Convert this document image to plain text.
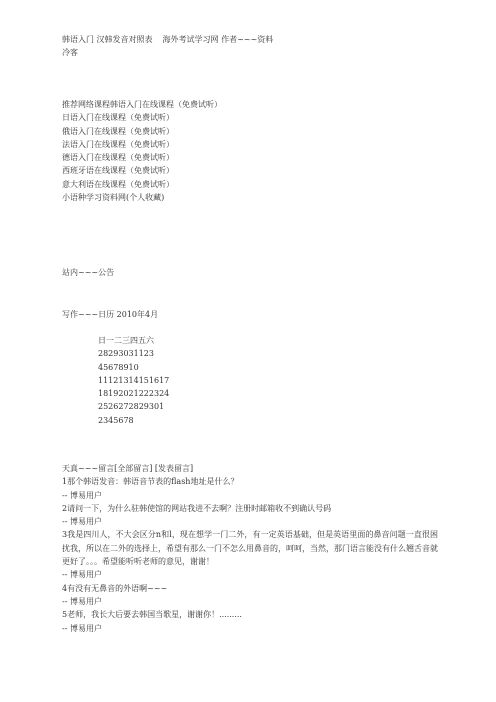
韩语入门 汉韩发音对照表 海外考试学习网 作者~~~资料
冷客
推荐网络课程韩语入门在线课程（免费试听）
日语入门在线课程（免费试听）
俄语入门在线课程（免费试听）
法语入门在线课程（免费试听）
德语入门在线课程（免费试听）
西班牙语在线课程（免费试听）
意大利语在线课程（免费试听）
小语种学习资料网(个人收藏)
站内~~~公告
写作~~~日历 2010年4月
日一二三四五六
28293031123
45678910
11121314151617
18192021222324
2526272829301
2345678
天真~~~留言[全部留言] [发表留言]
1那个韩语发音：韩语音节表的flash地址是什么？
-- 博易用户
2请问一下，为什么驻韩使馆的网站我进不去啊？注册时邮箱收不到确认号码
-- 博易用户
3我是四川人，不大会区分n和l，现在想学一门二外，有一定英语基础，但是英语里面的鼻音问题一直很困扰我，所以在二外的选择上，希望有那么一门不怎么用鼻音的，呵呵，当然，那门语言能没有什么翘舌音就更好了。。。希望能听听老师的意见，谢谢！
-- 博易用户
4有没有无鼻音的外语啊~~~
-- 博易用户
5老师，我长大后要去韩国当歌星，谢谢你！.........
-- 博易用户
